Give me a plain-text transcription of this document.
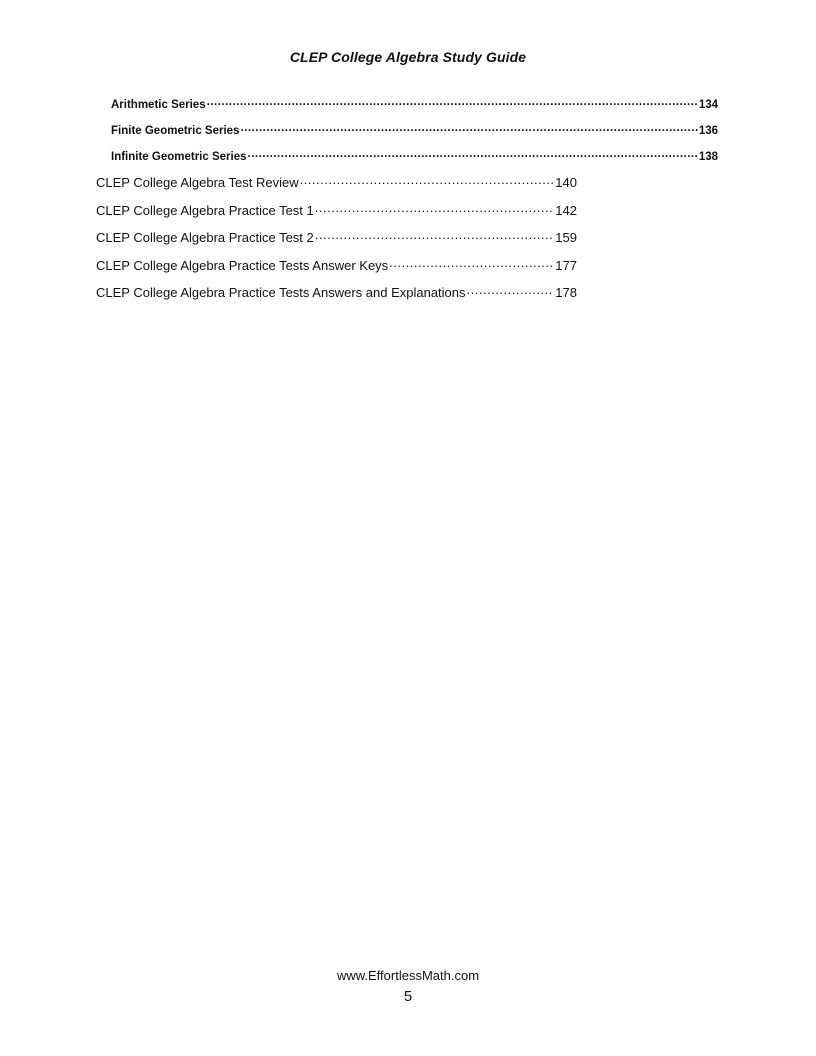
CLEP College Algebra Study Guide
Arithmetic Series .....	134
Finite Geometric Series .....	136
Infinite Geometric Series .....	138
CLEP College Algebra Test Review .....	140
CLEP College Algebra Practice Test 1 .....	142
CLEP College Algebra Practice Test 2 .....	159
CLEP College Algebra Practice Tests Answer Keys .....	177
CLEP College Algebra Practice Tests Answers and Explanations .....	178
www.EffortlessMath.com
5
